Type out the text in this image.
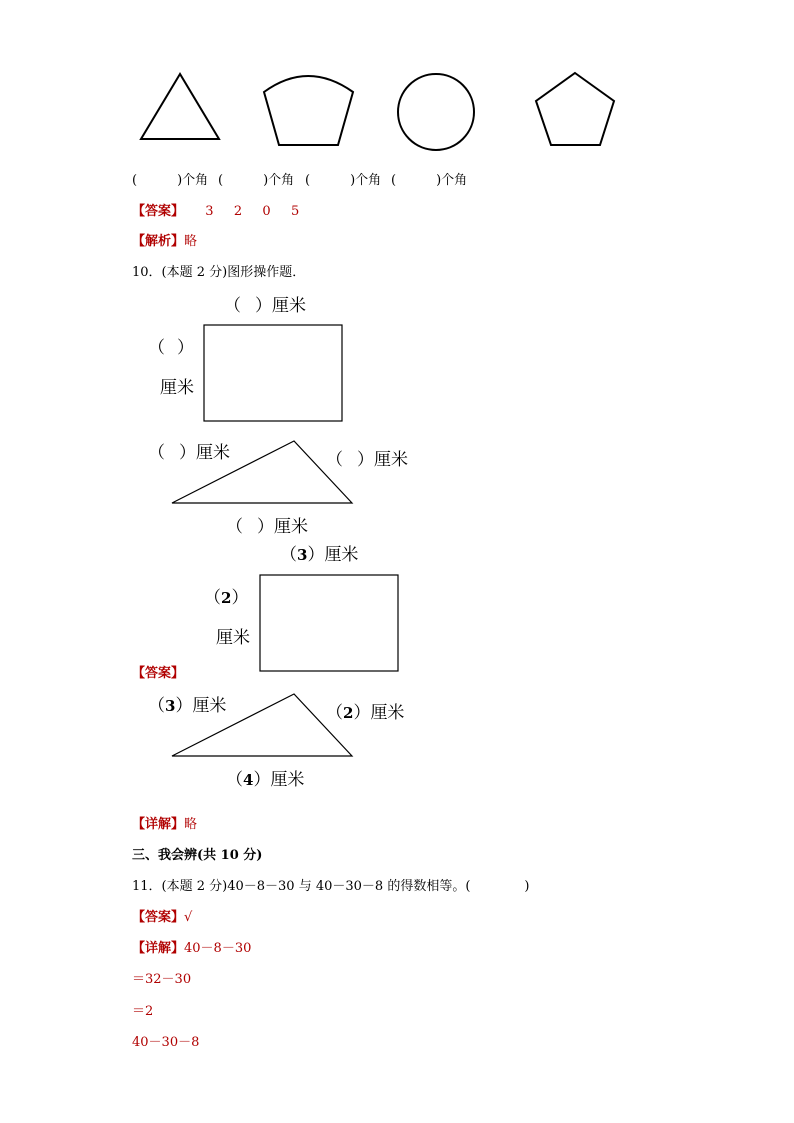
(	)个角 (	)个角 (	)个角 (	)个角
【答案】 3 2 0 5
【解析】略
10．(本题 2 分)图形操作题．
（ ）厘米
（ ）
厘米
（ ）厘米	（ ）厘米
（ ）厘米
（3）厘米
（2）
厘米
【答案】
（3）厘米	（2）厘米
（4）厘米
【详解】略
三、我会辨(共 10 分)
11．(本题 2 分)40－8－30 与 40－30－8 的得数相等。(	)
【答案】√
【详解】40－8－30
＝32－30
＝2
40－30－8
